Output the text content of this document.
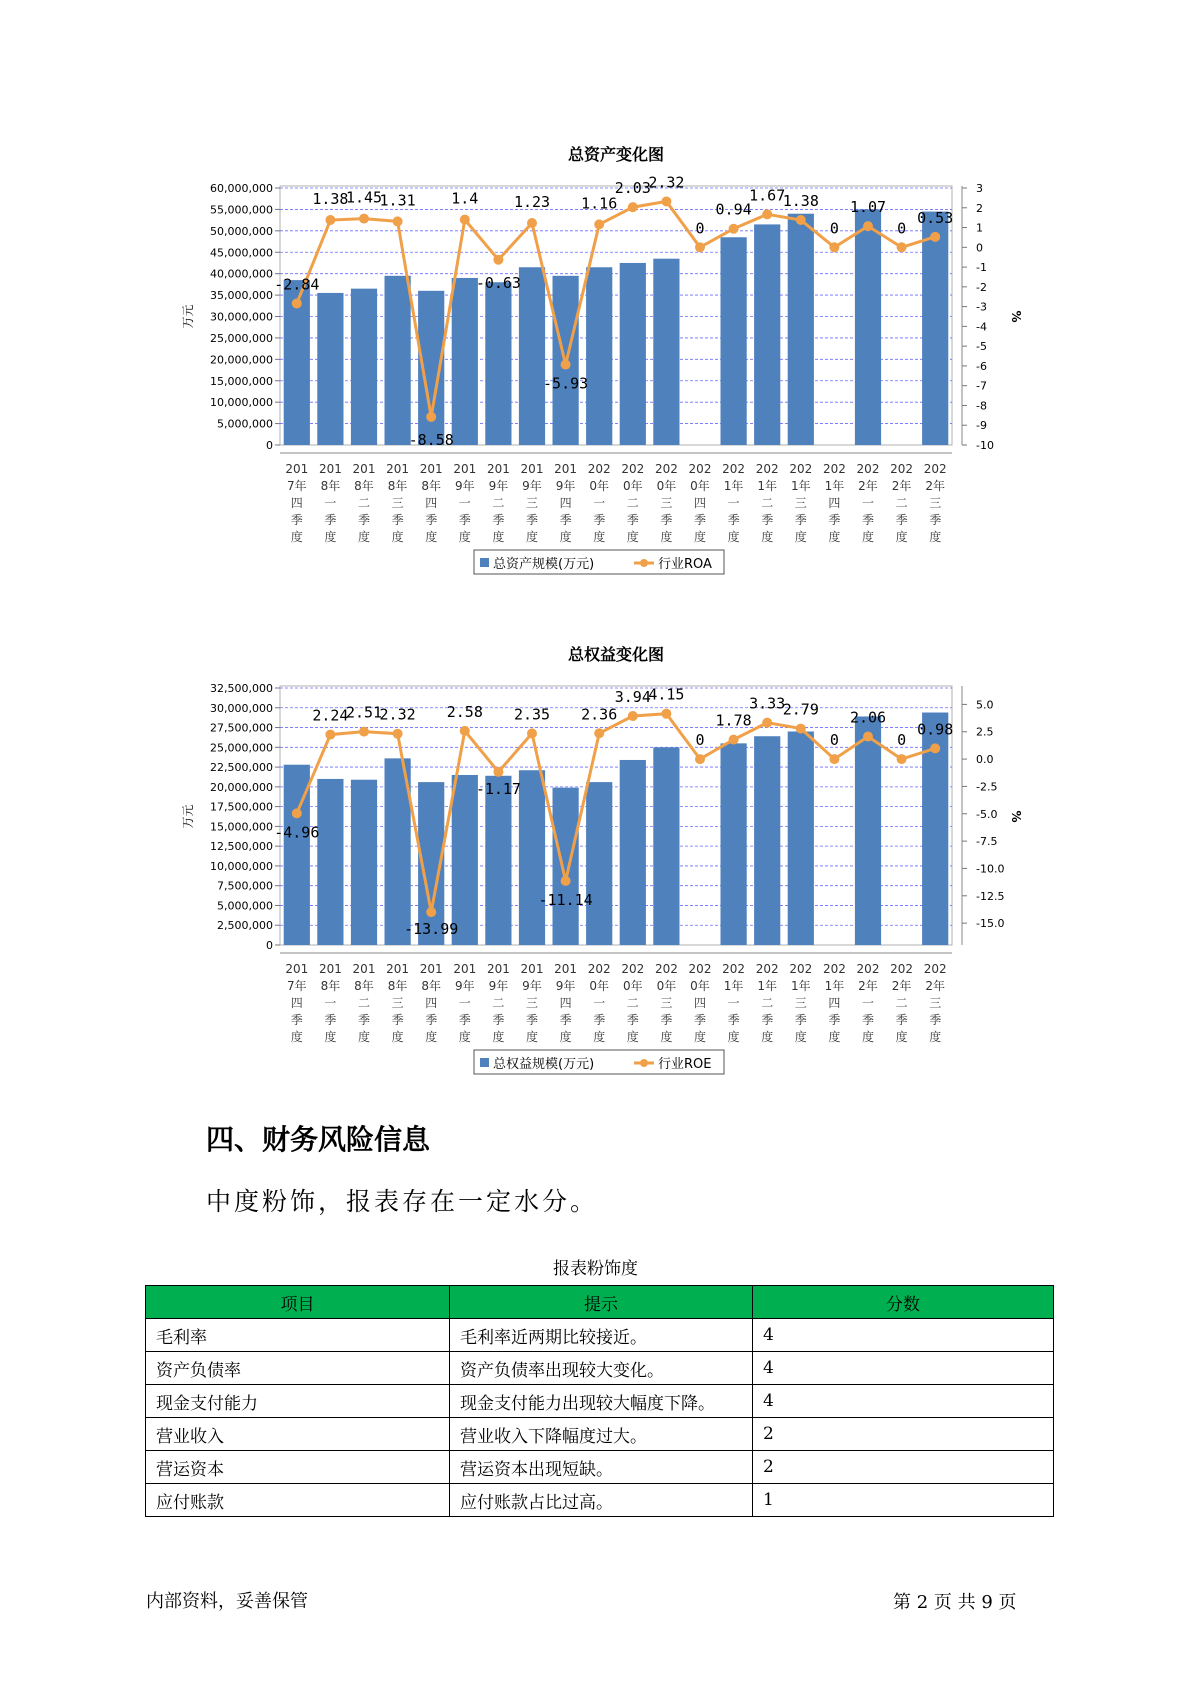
总资产变化图
0
5,000,000
10,000,000
15,000,000
20,000,000
25,000,000
30,000,000
35,000,000
40,000,000
45,000,000
50,000,000
55,000,000
60,000,000	3
2
1
0
-1
-2
-3
-4
-5
-6
-7
-8
-9
-10
万元	%
-2.84
1.38
1.45
1.31
-8.58
1.4
-0.63
1.23
-5.93
1.16
2.03
2.32
0
0.94
1.67
1.38
0
1.07
0
0.53
201 7年四季度
201 8年一季度
201 8年二季度
201 8年三季度
201 8年四季度
201 9年一季度
201 9年二季度
201 9年三季度
201 9年四季度
202 0年一季度
202 0年二季度
202 0年三季度
202 0年四季度
202 1年一季度
202 1年二季度
202 1年三季度
202 1年四季度
202 2年一季度
202 2年二季度
202 2年三季度
总资产规模(万元)	行业ROA
总权益变化图
0
2,500,000
5,000,000
7,500,000
10,000,000
12,500,000
15,000,000
17,500,000
20,000,000
22,500,000
25,000,000
27,500,000
30,000,000
32,500,000
5.0
2.5
0.0
-2.5
-5.0
-7.5
-10.0
-12.5
-15.0
万元	%
-4.96
2.24
2.51
2.32
-13.99
2.58
-1.17
2.35
-11.14
2.36
3.94
4.15
0
1.78
3.33
2.79
0
2.06
0
0.98
201 7年四季度
201 8年一季度
201 8年二季度
201 8年三季度
201 8年四季度
201 9年一季度
201 9年二季度
201 9年三季度
201 9年四季度
202 0年一季度
202 0年二季度
202 0年三季度
202 0年四季度
202 1年一季度
202 1年二季度
202 1年三季度
202 1年四季度
202 2年一季度
202 2年二季度
202 2年三季度
总权益规模(万元)	行业ROE
四、财务风险信息

中度粉饰，报表存在一定水分。

报表粉饰度
项目	提示	分数
毛利率	毛利率近两期比较接近。	4
资产负债率	资产负债率出现较大变化。	4
现金支付能力	现金支付能力出现较大幅度下降。	4
营业收入	营业收入下降幅度过大。	2
营运资本	营运资本出现短缺。	2
应付账款	应付账款占比过高。	1
内部资料，妥善保管	第 2 页 共 9 页
